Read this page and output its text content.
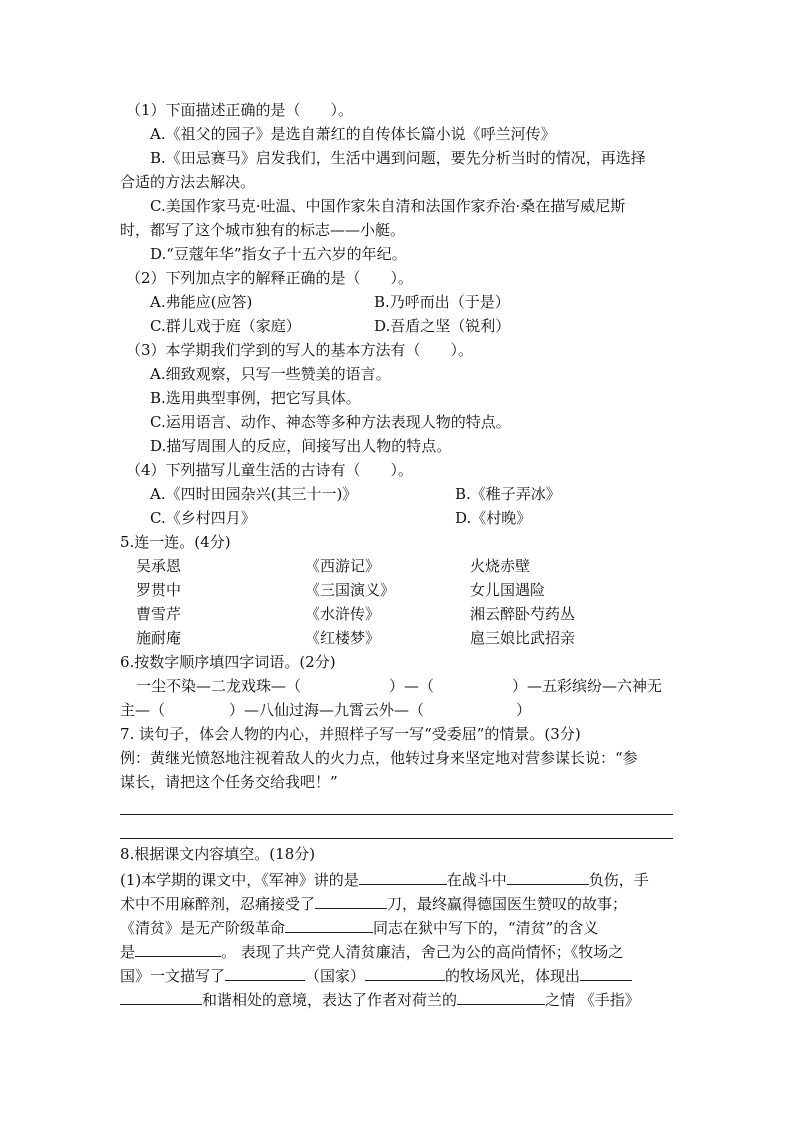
（1）下面描述正确的是（　　）。
A.《祖父的园子》是选自萧红的自传体长篇小说《呼兰河传》
B.《田忌赛马》启发我们，生活中遇到问题，要先分析当时的情况，再选择
合适的方法去解决。
C.美国作家马克·吐温、中国作家朱自清和法国作家乔治·桑在描写威尼斯
时，都写了这个城市独有的标志——小艇。
D.“豆蔻年华”指女子十五六岁的年纪。
（2）下列加点字的解释正确的是（　　）。
A.弗能应(应答)	B.乃呼而出（于是）
C.群儿戏于庭（家庭）	D.吾盾之坚（锐利）
（3）本学期我们学到的写人的基本方法有（　　）。
A.细致观察，只写一些赞美的语言。
B.选用典型事例，把它写具体。
C.运用语言、动作、神态等多种方法表现人物的特点。
D.描写周围人的反应，间接写出人物的特点。
（4）下列描写儿童生活的古诗有（　　）。
A.《四时田园杂兴(其三十一)》	B.《稚子弄冰》
C.《乡村四月》	D.《村晚》
5.连一连。(4分)
吴承恩	《西游记》	火烧赤壁
罗贯中	《三国演义》	女儿国遇险
曹雪芹	《水浒传》	湘云醉卧芍药丛
施耐庵	《红楼梦》	扈三娘比武招亲
6.按数字顺序填四字词语。(2分)
一尘不染—二龙戏珠—（	）—（	）—五彩缤纷—六神无
主—（	）—八仙过海—九霄云外—（	）
7. 读句子，体会人物的内心，并照样子写一写“受委屈”的情景。(3分)
例：黄继光愤怒地注视着敌人的火力点，他转过身来坚定地对营参谋长说：“参
谋长，请把这个任务交给我吧！”
8.根据课文内容填空。(18分)
(1)本学期的课文中，《军神》讲的是	在战斗中	负伤，手
术中不用麻醉剂，忍痛接受了	刀，最终赢得德国医生赞叹的故事；
《清贫》是无产阶级革命	同志在狱中写下的，“清贫”的含义
是	。 表现了共产党人清贫廉洁，舍己为公的高尚情怀；《牧场之
国》一文描写了	（国家）	的牧场风光，体现出
和谐相处的意境，表达了作者对荷兰的	之情 《手指》
